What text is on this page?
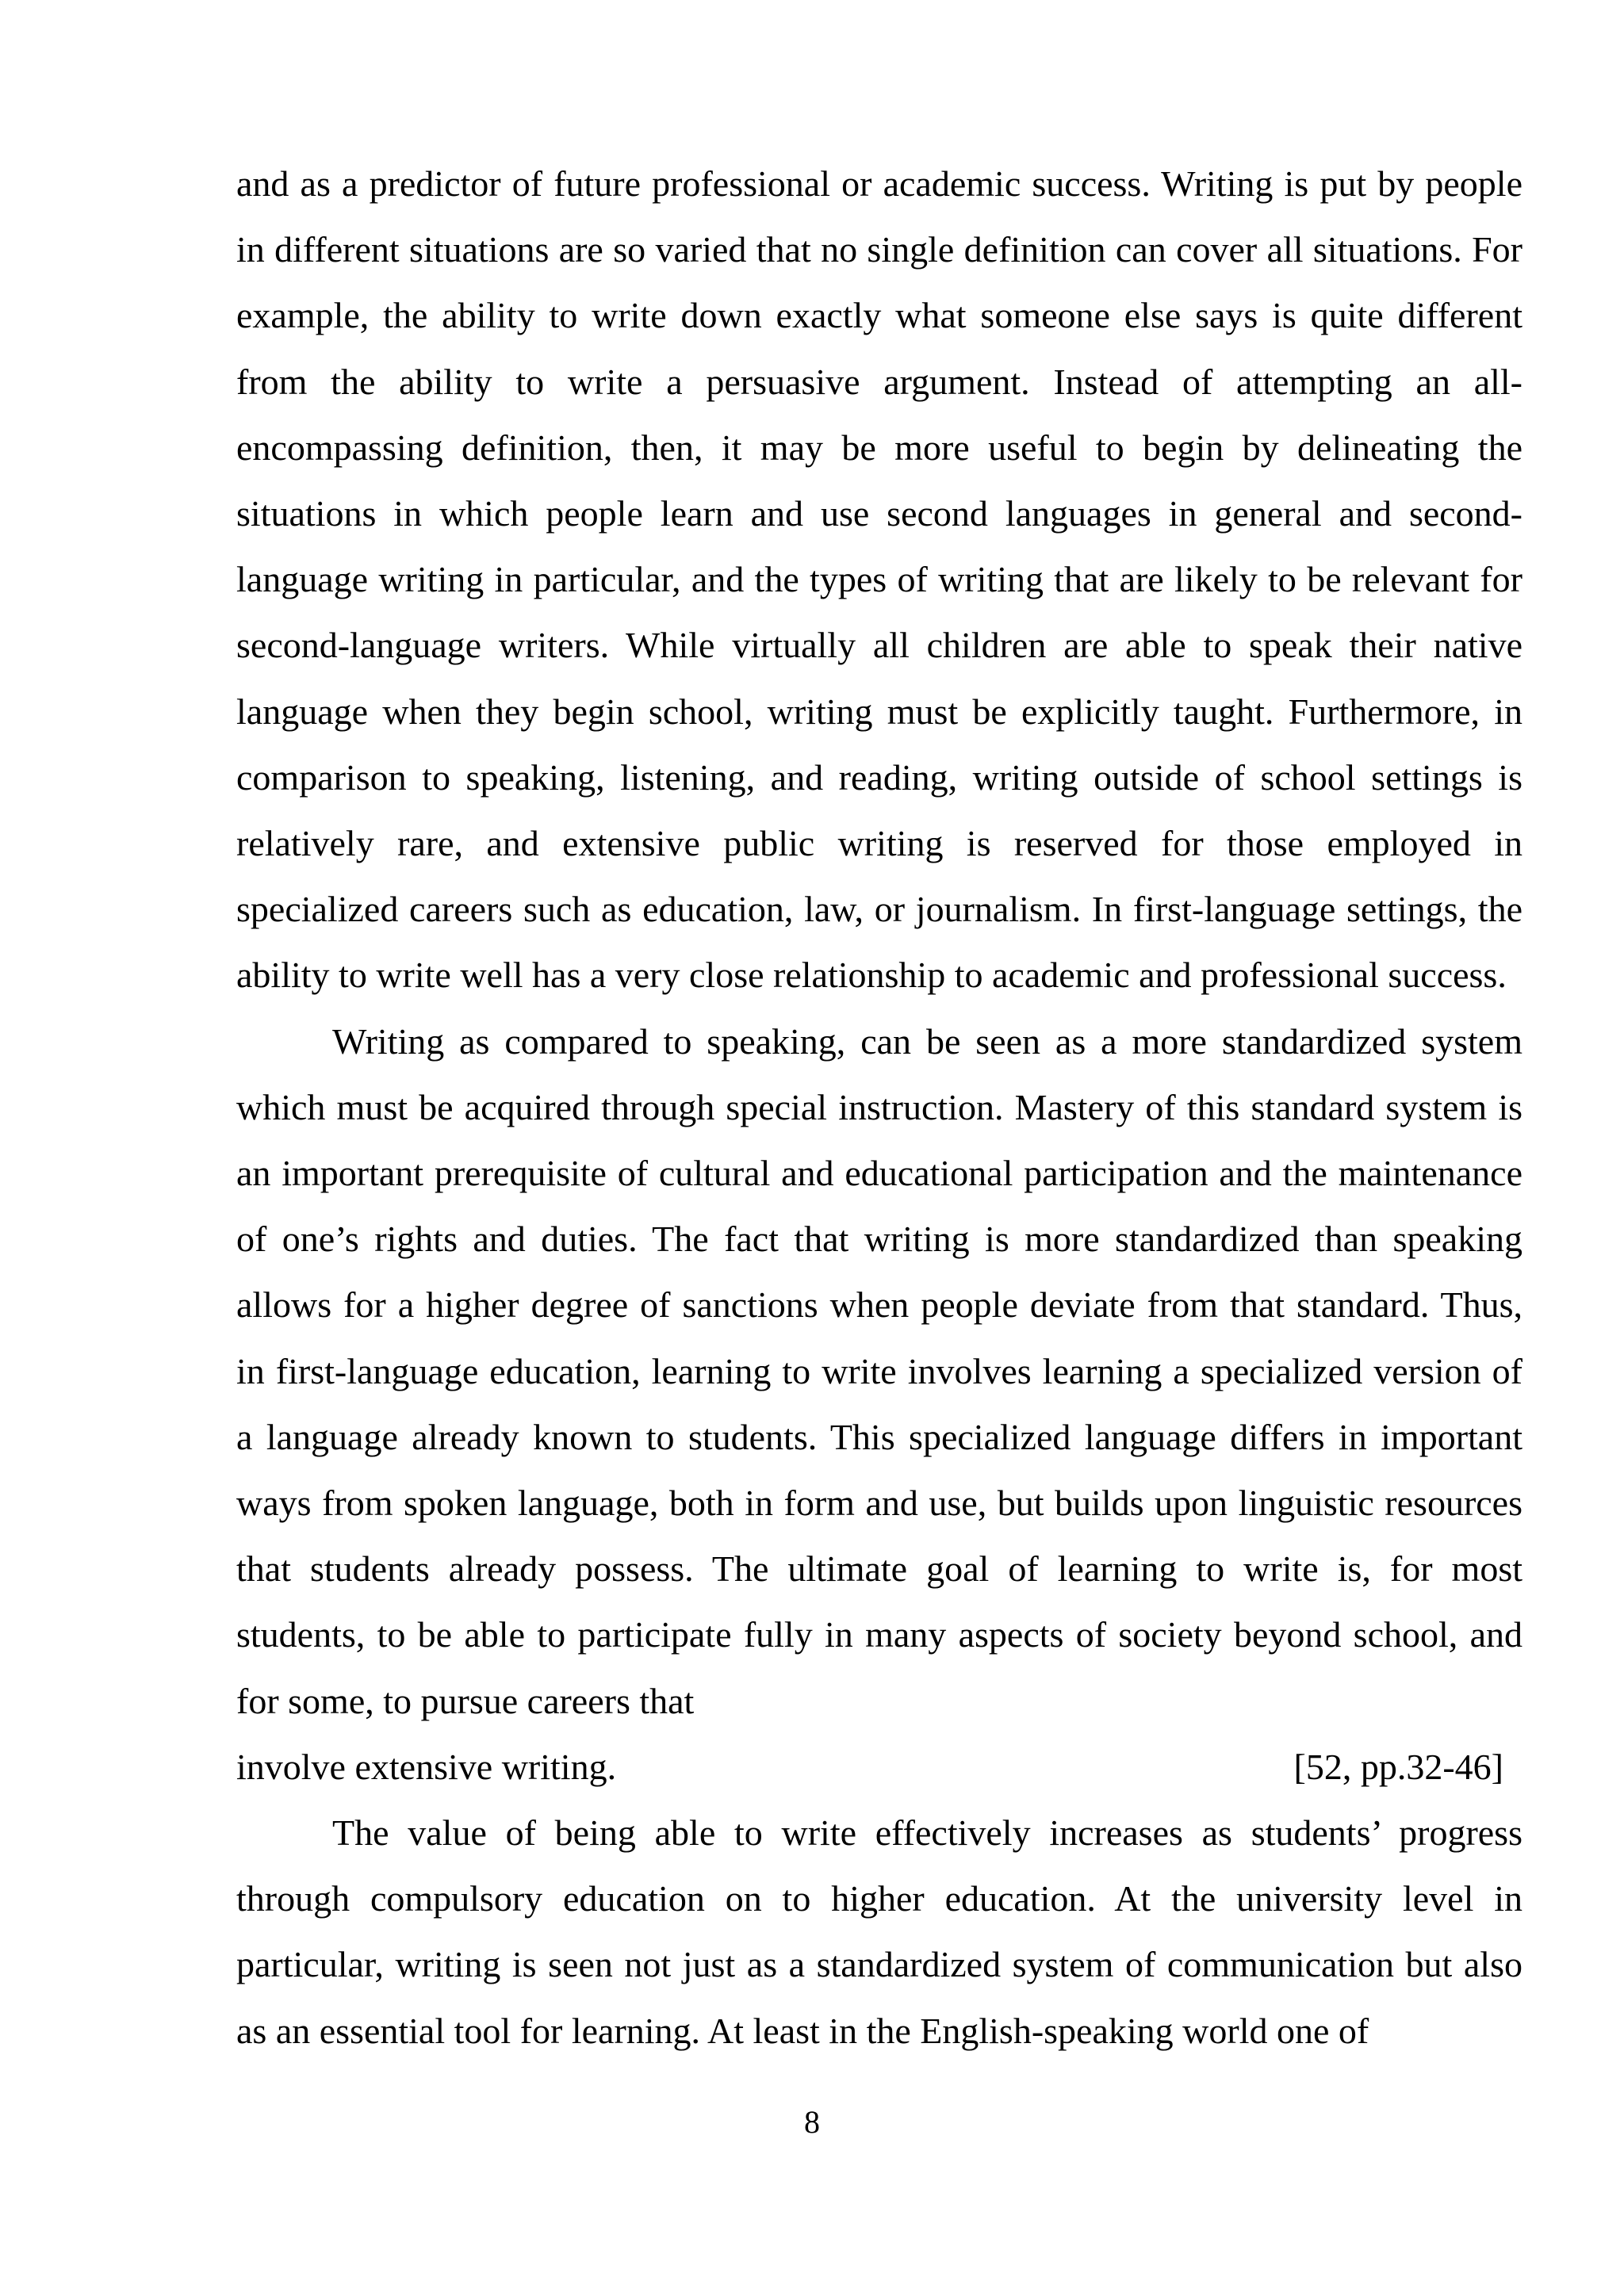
and as a predictor of future professional or academic success. Writing is put by people in different situations are so varied that no single definition can cover all situations. For example, the ability to write down exactly what someone else says is quite different from the ability to write a persuasive argument. Instead of attempting an all-encompassing definition, then, it may be more useful to begin by delineating the situations in which people learn and use second languages in general and second-language writing in particular, and the types of writing that are likely to be relevant for second-language writers. While virtually all children are able to speak their native language when they begin school, writing must be explicitly taught. Furthermore, in comparison to speaking, listening, and reading, writing outside of school settings is relatively rare, and extensive public writing is reserved for those employed in specialized careers such as education, law, or journalism. In first-language settings, the ability to write well has a very close relationship to academic and professional success.

Writing as compared to speaking, can be seen as a more standardized system which must be acquired through special instruction. Mastery of this standard system is an important prerequisite of cultural and educational participation and the maintenance of one’s rights and duties. The fact that writing is more standardized than speaking allows for a higher degree of sanctions when people deviate from that standard. Thus, in first-language education, learning to write involves learning a specialized version of a language already known to students. This specialized language differs in important ways from spoken language, both in form and use, but builds upon linguistic resources that students already possess. The ultimate goal of learning to write is, for most students, to be able to participate fully in many aspects of society beyond school, and for some, to pursue careers that

involve extensive writing.	[52, pp.32-46]

The value of being able to write effectively increases as students’ progress through compulsory education on to higher education. At the university level in particular, writing is seen not just as a standardized system of communication but also as an essential tool for learning. At least in the English-speaking world one of

8
